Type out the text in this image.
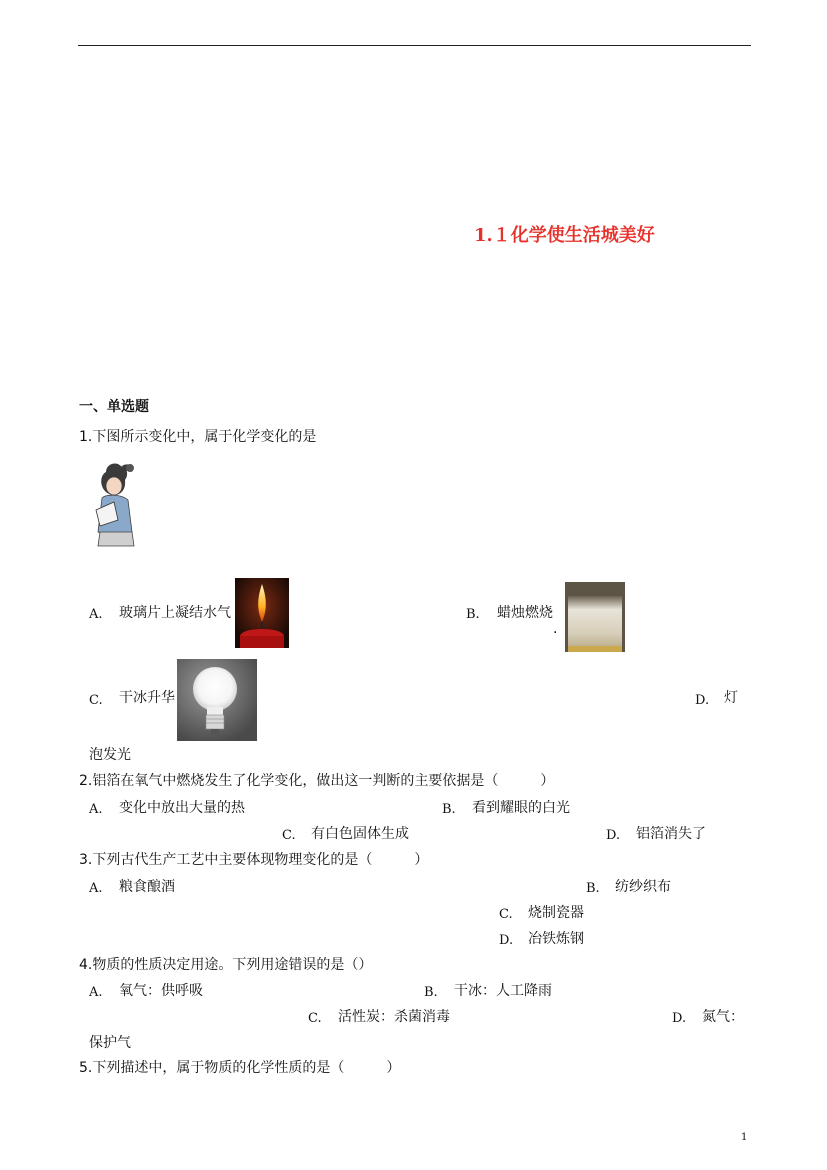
1.１化学使生活城美好
一、单选题
1.下图所示变化中，属于化学变化的是
A. 玻璃片上凝结水气	B. 蜡烛燃烧
.
C. 干冰升华	D. 灯
泡发光
2.铝箔在氧气中燃烧发生了化学变化，做出这一判断的主要依据是（　　　）
A. 变化中放出大量的热	B. 看到耀眼的白光
C. 有白色固体生成	D. 铝箔消失了
3.下列古代生产工艺中主要体现物理变化的是（　　　）
A. 粮食酿酒	B. 纺纱织布
C. 烧制瓷器
D. 冶铁炼钢
4.物质的性质决定用途。下列用途错误的是（）
A. 氧气：供呼吸	B. 干冰：人工降雨
C. 活性炭：杀菌消毒	D. 氮气：
保护气
5.下列描述中，属于物质的化学性质的是（　　　）
1
